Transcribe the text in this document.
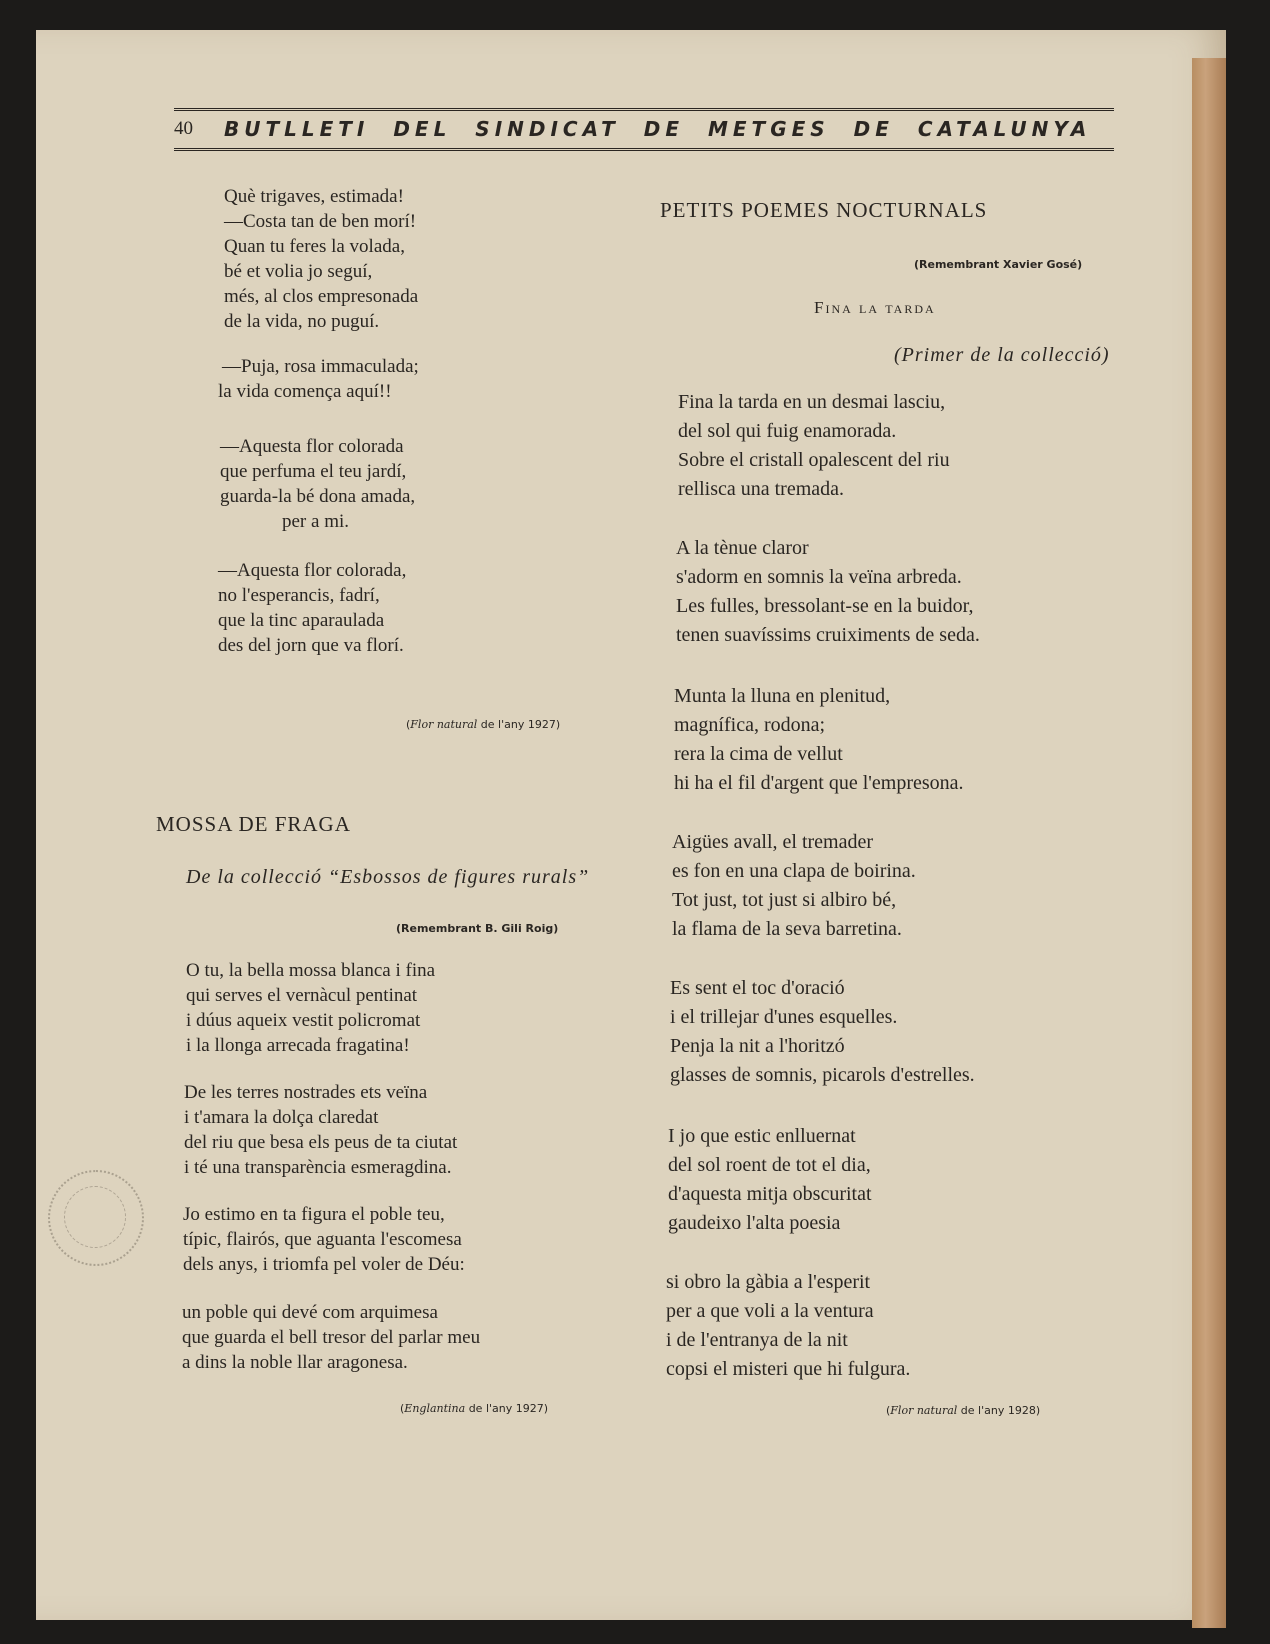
40 BUTLLETI DEL SINDICAT DE METGES DE CATALUNYA
Què trigaves, estimada!
—Costa tan de ben morí!
Quan tu feres la volada,
bé et volia jo seguí,
més, al clos empresonada
de la vida, no puguí.
—Puja, rosa immaculada;
la vida comença aquí!!
—Aquesta flor colorada
que perfuma el teu jardí,
guarda-la bé dona amada,
per a mi.
—Aquesta flor colorada,
no l'esperancis, fadrí,
que la tinc aparaulada
des del jorn que va florí.
(Flor natural de l'any 1927)
MOSSA DE FRAGA
De la collecció “Esbossos de figures rurals”
(Remembrant B. Gili Roig)
O tu, la bella mossa blanca i fina
qui serves el vernàcul pentinat
i dúus aqueix vestit policromat
i la llonga arrecada fragatina!
De les terres nostrades ets veïna
i t'amara la dolça claredat
del riu que besa els peus de ta ciutat
i té una transparència esmeragdina.
Jo estimo en ta figura el poble teu,
típic, flairós, que aguanta l'escomesa
dels anys, i triomfa pel voler de Déu:
un poble qui devé com arquimesa
que guarda el bell tresor del parlar meu
a dins la noble llar aragonesa.
(Englantina de l'any 1927)
PETITS POEMES NOCTURNALS
(Remembrant Xavier Gosé)
Fina la tarda
(Primer de la collecció)
Fina la tarda en un desmai lasciu,
del sol qui fuig enamorada.
Sobre el cristall opalescent del riu
rellisca una tremada.
A la tènue claror
s'adorm en somnis la veïna arbreda.
Les fulles, bressolant-se en la buidor,
tenen suavíssims cruiximents de seda.
Munta la lluna en plenitud,
magnífica, rodona;
rera la cima de vellut
hi ha el fil d'argent que l'empresona.
Aigües avall, el tremader
es fon en una clapa de boirina.
Tot just, tot just si albiro bé,
la flama de la seva barretina.
Es sent el toc d'oració
i el trillejar d'unes esquelles.
Penja la nit a l'horitzó
glasses de somnis, picarols d'estrelles.
I jo que estic enlluernat
del sol roent de tot el dia,
d'aquesta mitja obscuritat
gaudeixo l'alta poesia
si obro la gàbia a l'esperit
per a que voli a la ventura
i de l'entranya de la nit
copsi el misteri que hi fulgura.
(Flor natural de l'any 1928)
